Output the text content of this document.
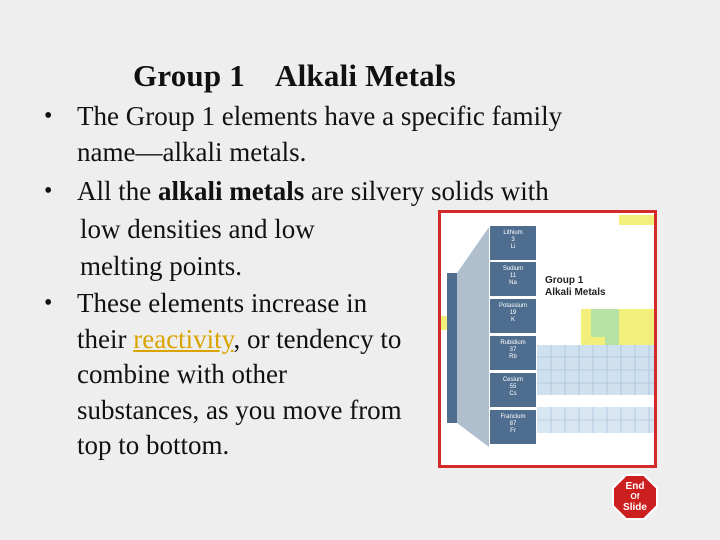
Group 1    Alkali Metals
• The Group 1 elements have a specific family
name—alkali metals.
• All the alkali metals are silvery solids with
low densities and low
melting points.
• These elements increase in
their reactivity, or tendency to
combine with other
substances, as you move from
top to bottom.
Group 1
Alkali Metals
Lithium
3
Li
Sodium
11
Na
Potassium
19
K
Rubidium
37
Rb
Cesium
55
Cs
Francium
87
Fr
End
Of
Slide
